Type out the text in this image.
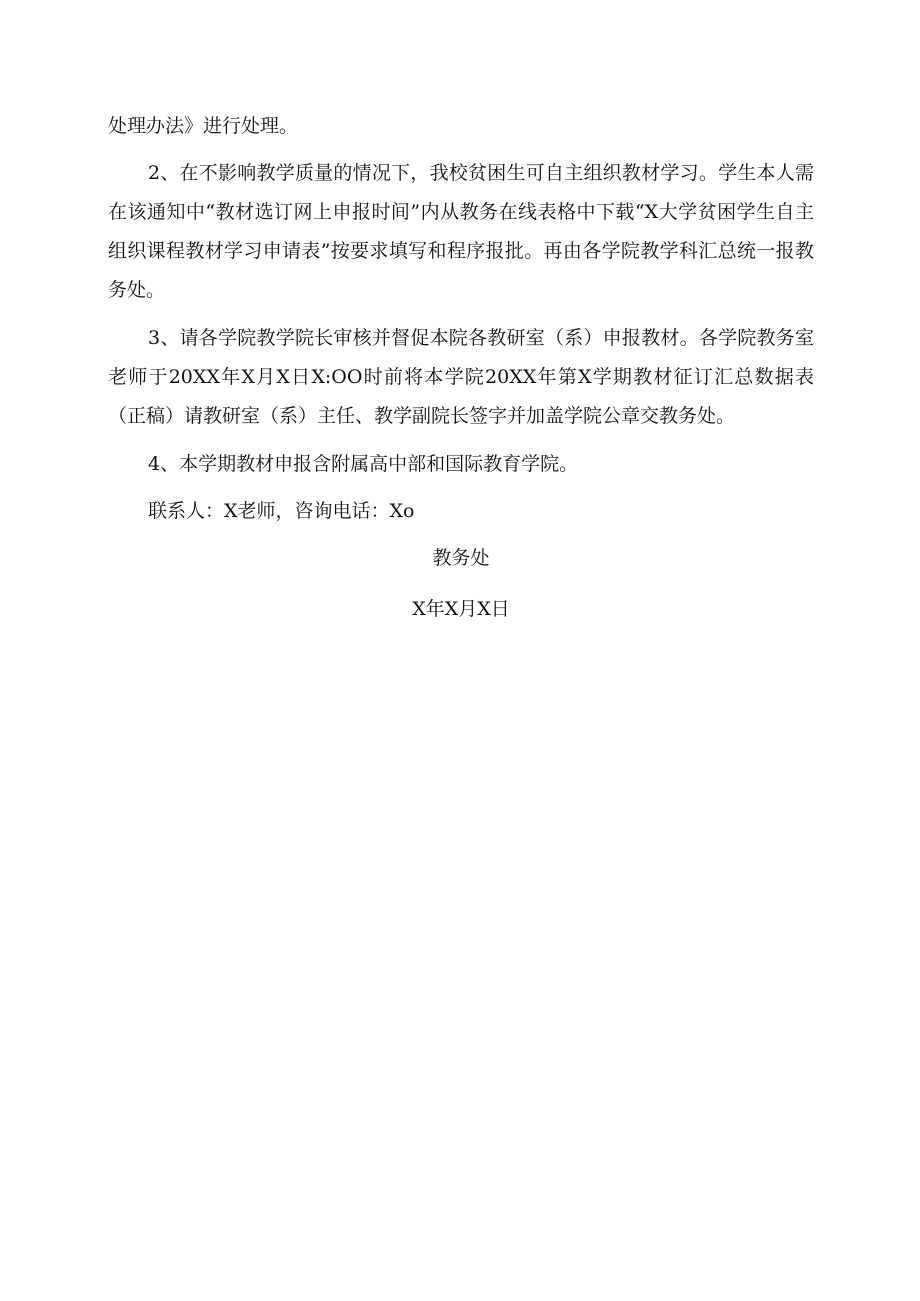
处理办法》进行处理。

2、在不影响教学质量的情况下，我校贫困生可自主组织教材学习。学生本人需在该通知中“教材选订网上申报时间”内从教务在线表格中下载“X大学贫困学生自主组织课程教材学习申请表”按要求填写和程序报批。再由各学院教学科汇总统一报教务处。

3、请各学院教学院长审核并督促本院各教研室（系）申报教材。各学院教务室老师于20XX年X月X日X:OO时前将本学院20XX年第X学期教材征订汇总数据表（正稿）请教研室（系）主任、教学副院长签字并加盖学院公章交教务处。

4、本学期教材申报含附属高中部和国际教育学院。

联系人：X老师，咨询电话：Xo

教务处

X年X月X日
